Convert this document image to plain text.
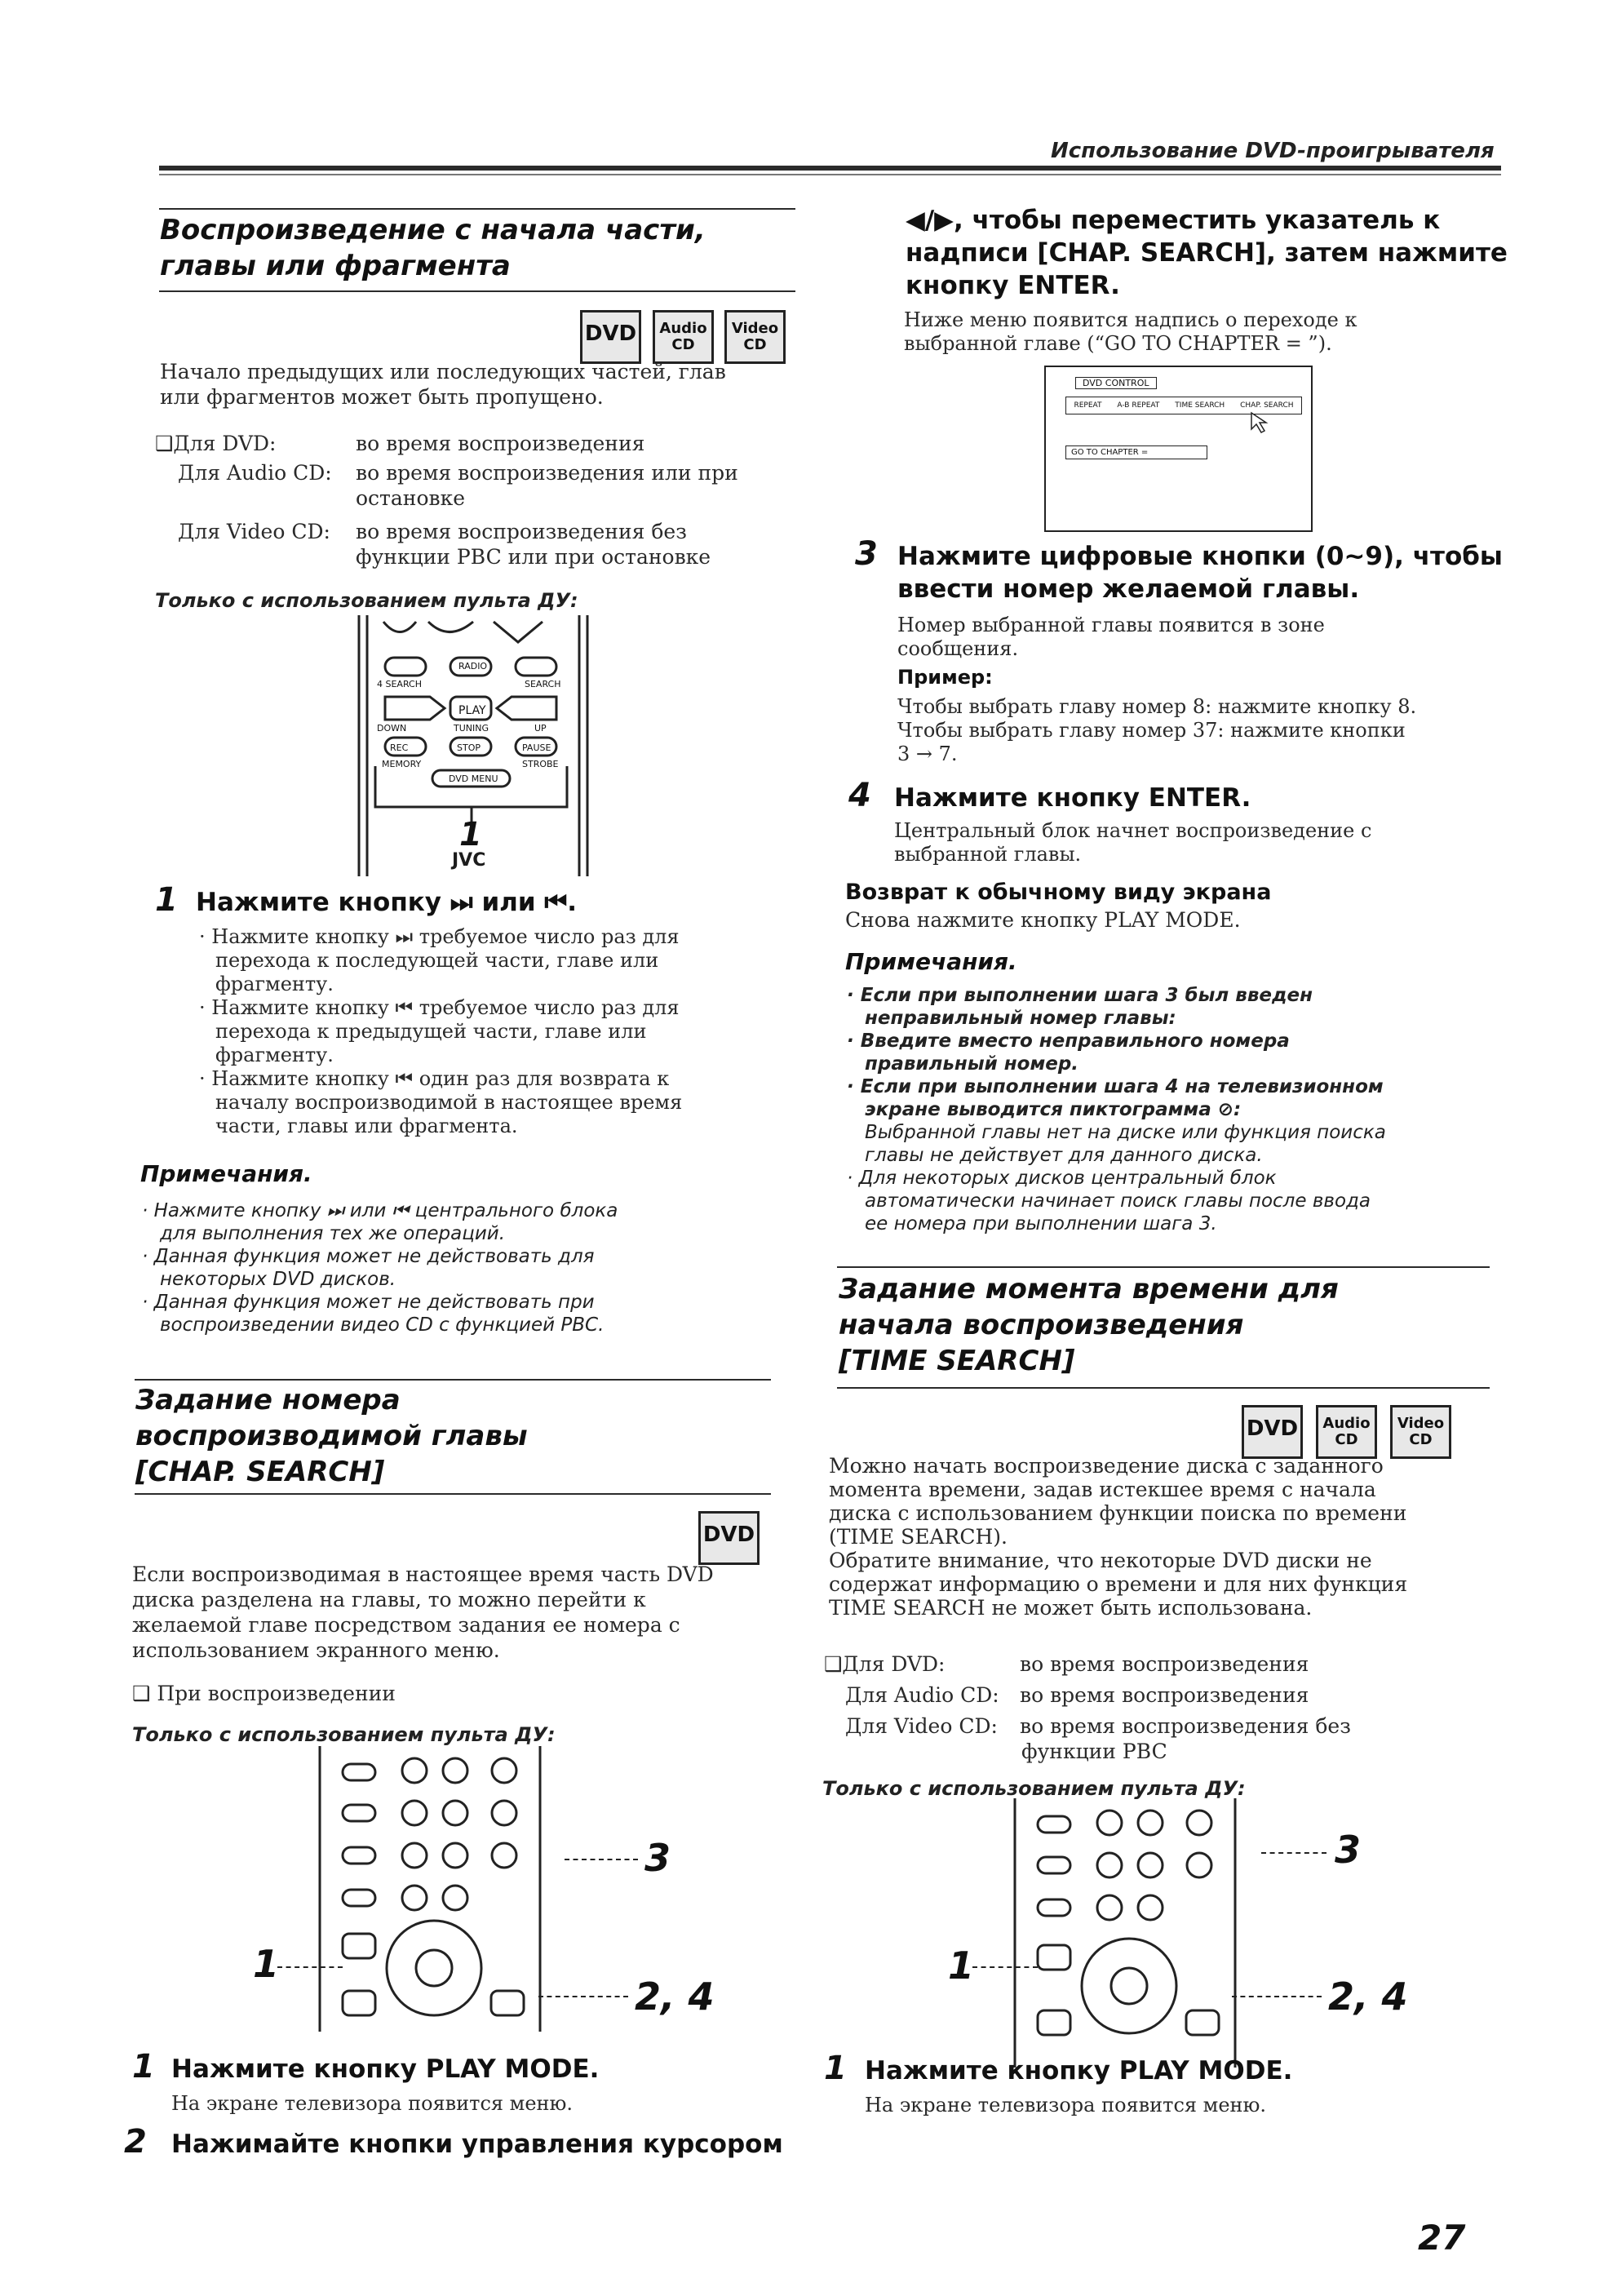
Использование DVD-проигрывателя
Воспроизведение с начала части,
главы или фрагмента
DVD	Audio CD
Video CD
Начало предыдущих или последующих частей, глав
или фрагментов может быть пропущено.
❑Для DVD:	во время воспроизведения
Для Audio CD: во время воспроизведения или при
остановке
Для Video CD: во время воспроизведения без
функции PBC или при остановке
Только с использованием пульта ДУ:
4 SEARCH
RADIO
SEARCH
PLAY
DOWN	TUNING	UP
REC	STOP	PAUSE
MEMORY	STROBE
DVD MENU
1
JVC
1 Нажмите кнопку ⏭ или ⏮.
· Нажмите кнопку ⏭ требуемое число раз для
перехода к последующей части, главе или
фрагменту.
· Нажмите кнопку ⏮ требуемое число раз для
перехода к предыдущей части, главе или
фрагменту.
· Нажмите кнопку ⏮ один раз для возврата к
началу воспроизводимой в настоящее время
части, главы или фрагмента.
Примечания.
· Нажмите кнопку ⏭ или ⏮ центрального блока
для выполнения тех же операций.
· Данная функция может не действовать для
некоторых DVD дисков.
· Данная функция может не действовать при
воспроизведении видео CD с функцией PBC.
Задание номера
воспроизводимой главы
[CHAP. SEARCH]
DVD
Если воспроизводимая в настоящее время часть DVD
диска разделена на главы, то можно перейти к
желаемой главе посредством задания ее номера с
использованием экранного меню.
❑ При воспроизведении
Только с использованием пульта ДУ:
3
1
2, 4
1 Нажмите кнопку PLAY MODE.
На экране телевизора появится меню.
2 Нажимайте кнопки управления курсором
◀/▶, чтобы переместить указатель к
надписи [CHAP. SEARCH], затем нажмите
кнопку ENTER.
Ниже меню появится надпись о переходе к
выбранной главе (“GO TO CHAPTER = ”).
DVD CONTROL
REPEAT A-B REPEAT TIME SEARCH CHAP. SEARCH
GO TO CHAPTER =
3 Нажмите цифровые кнопки (0~9), чтобы
ввести номер желаемой главы.
Номер выбранной главы появится в зоне
сообщения.
Пример:
Чтобы выбрать главу номер 8: нажмите кнопку 8.
Чтобы выбрать главу номер 37: нажмите кнопки
3 → 7.
4 Нажмите кнопку ENTER.
Центральный блок начнет воспроизведение с
выбранной главы.
Возврат к обычному виду экрана
Снова нажмите кнопку PLAY MODE.
Примечания.
· Если при выполнении шага 3 был введен
неправильный номер главы:
· Введите вместо неправильного номера
правильный номер.
· Если при выполнении шага 4 на телевизионном
экране выводится пиктограмма ⊘:
Выбранной главы нет на диске или функция поиска
главы не действует для данного диска.
· Для некоторых дисков центральный блок
автоматически начинает поиск главы после ввода
ее номера при выполнении шага 3.
Задание момента времени для
начала воспроизведения
[TIME SEARCH]
DVD	Audio CD
Video CD
Можно начать воспроизведение диска с заданного
момента времени, задав истекшее время с начала
диска с использованием функции поиска по времени
(TIME SEARCH).
Обратите внимание, что некоторые DVD диски не
содержат информацию о времени и для них функция
TIME SEARCH не может быть использована.
❑Для DVD:	во время воспроизведения
Для Audio CD: во время воспроизведения
Для Video CD: во время воспроизведения без
функции PBC
Только с использованием пульта ДУ:
3
1
2, 4
1 Нажмите кнопку PLAY MODE.
На экране телевизора появится меню.
27
